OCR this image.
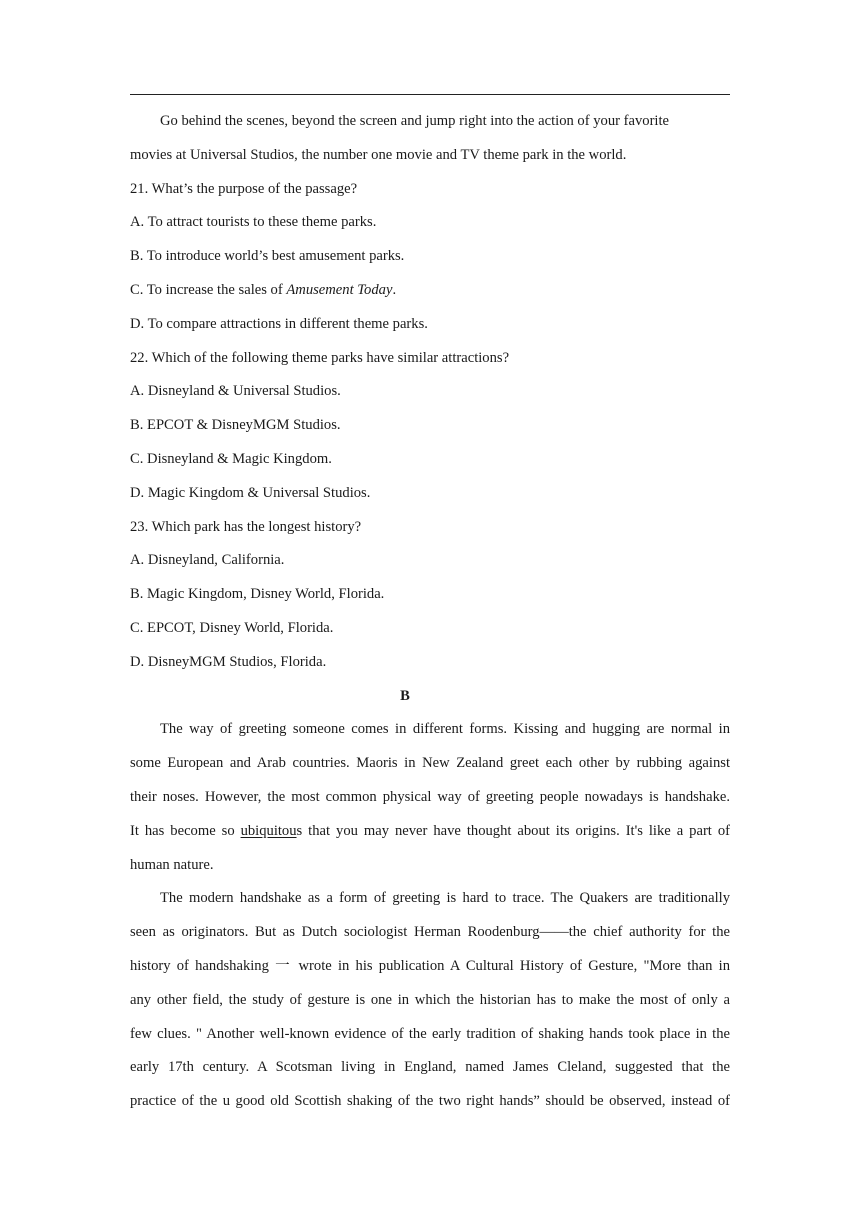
Go behind the scenes, beyond the screen and jump right into the action of your favorite
movies at Universal Studios, the number one movie and TV theme park in the world.
21. What’s the purpose of the passage?
A. To attract tourists to these theme parks.
B. To introduce world’s best amusement parks.
C. To increase the sales of Amusement Today.
D. To compare attractions in different theme parks.
22. Which of the following theme parks have similar attractions?
A. Disneyland & Universal Studios.
B. EPCOT & DisneyMGM Studios.
C. Disneyland & Magic Kingdom.
D. Magic Kingdom & Universal Studios.
23. Which park has the longest history?
A. Disneyland, California.
B. Magic Kingdom, Disney World, Florida.
C. EPCOT, Disney World, Florida.
D. DisneyMGM Studios, Florida.
B
The way of greeting someone comes in different forms. Kissing and hugging are normal in
some European and Arab countries. Maoris in New Zealand greet each other by rubbing against
their noses. However, the most common physical way of greeting people nowadays is handshake.
It has become so ubiquitous that you may never have thought about its origins. It's like a part of
human nature.
The modern handshake as a form of greeting is hard to trace. The Quakers are traditionally
seen as originators. But as Dutch sociologist Herman Roodenburg——the chief authority for the
history of handshaking 一 wrote in his publication A Cultural History of Gesture, "More than in
any other field, the study of gesture is one in which the historian has to make the most of only a
few clues. " Another well-known evidence of the early tradition of shaking hands took place in the
early 17th century. A Scotsman living in England, named James Cleland, suggested that the
practice of the u good old Scottish shaking of the two right hands” should be observed, instead of
